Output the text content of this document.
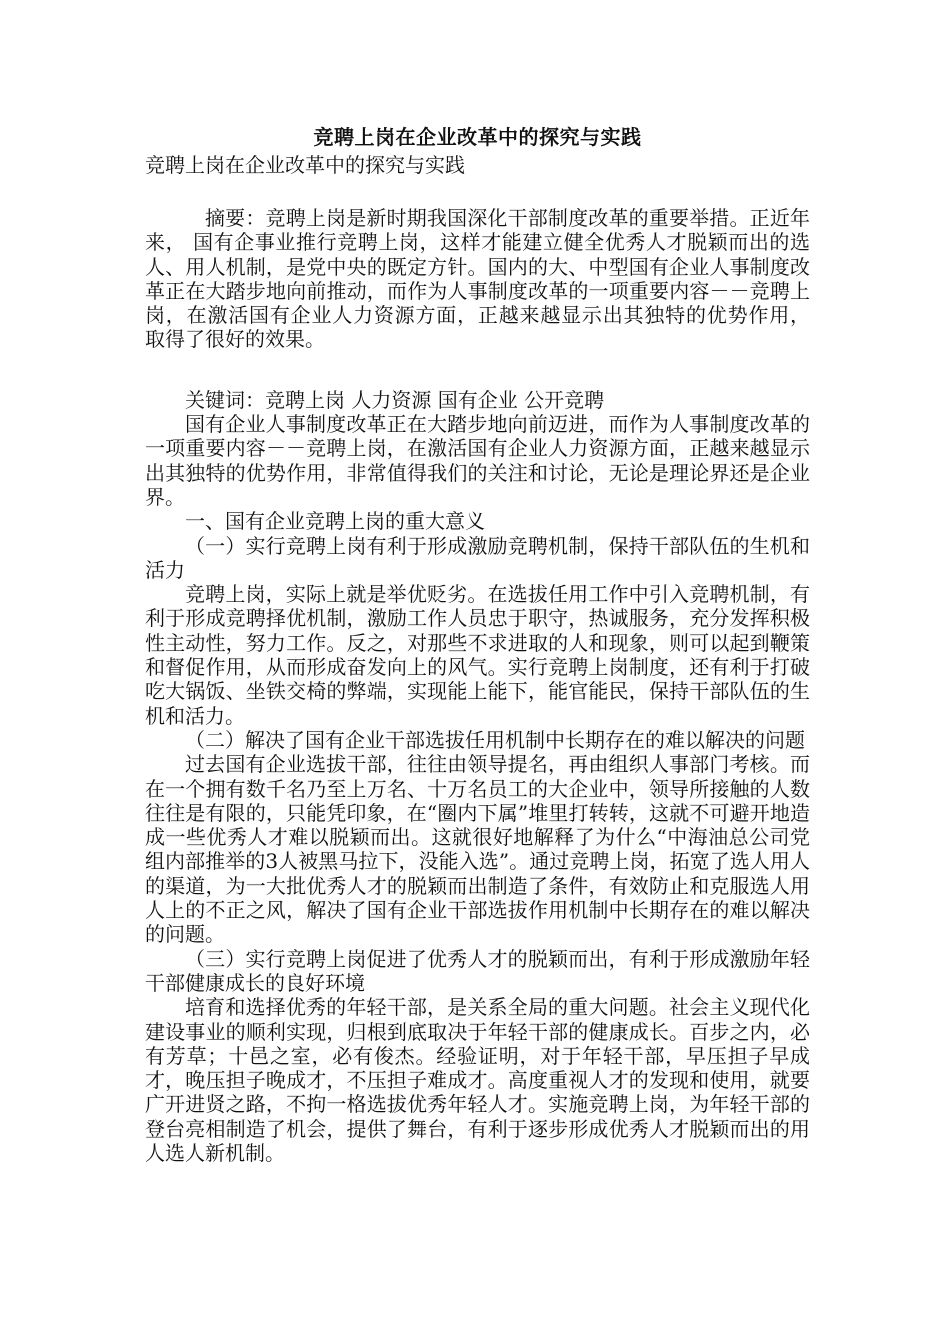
竞聘上岗在企业改革中的探究与实践
竞聘上岗在企业改革中的探究与实践

摘要：竞聘上岗是新时期我国深化干部制度改革的重要举措。正近年来， 国有企事业推行竞聘上岗，这样才能建立健全优秀人才脱颖而出的选人、用人机制，是党中央的既定方针。国内的大、中型国有企业人事制度改革正在大踏步地向前推动，而作为人事制度改革的一项重要内容－－竞聘上岗，在激活国有企业人力资源方面，正越来越显示出其独特的优势作用， 取得了很好的效果。

关键词：竞聘上岗 人力资源 国有企业 公开竞聘

国有企业人事制度改革正在大踏步地向前迈进，而作为人事制度改革的一项重要内容－－竞聘上岗，在激活国有企业人力资源方面，正越来越显示出其独特的优势作用，非常值得我们的关注和讨论，无论是理论界还是企业界。

一、国有企业竞聘上岗的重大意义

（一）实行竞聘上岗有利于形成激励竞聘机制，保持干部队伍的生机和活力

竞聘上岗，实际上就是举优贬劣。在选拔任用工作中引入竞聘机制，有利于形成竞聘择优机制，激励工作人员忠于职守，热诚服务，充分发挥积极性主动性，努力工作。反之，对那些不求进取的人和现象，则可以起到鞭策和督促作用，从而形成奋发向上的风气。实行竞聘上岗制度，还有利于打破吃大锅饭、坐铁交椅的弊端，实现能上能下，能官能民，保持干部队伍的生机和活力。

（二）解决了国有企业干部选拔任用机制中长期存在的难以解决的问题

过去国有企业选拔干部，往往由领导提名，再由组织人事部门考核。而在一个拥有数千名乃至上万名、十万名员工的大企业中，领导所接触的人数往往是有限的，只能凭印象，在“圈内下属”堆里打转转，这就不可避开地造成一些优秀人才难以脱颖而出。这就很好地解释了为什么“中海油总公司党组内部推举的3人被黑马拉下，没能入选”。通过竞聘上岗，拓宽了选人用人的渠道，为一大批优秀人才的脱颖而出制造了条件，有效防止和克服选人用人上的不正之风，解决了国有企业干部选拔作用机制中长期存在的难以解决的问题。

（三）实行竞聘上岗促进了优秀人才的脱颖而出，有利于形成激励年轻干部健康成长的良好环境

培育和选择优秀的年轻干部，是关系全局的重大问题。社会主义现代化建设事业的顺利实现，归根到底取决于年轻干部的健康成长。百步之内，必有芳草；十邑之室，必有俊杰。经验证明，对于年轻干部，早压担子早成才，晚压担子晚成才，不压担子难成才。高度重视人才的发现和使用，就要广开进贤之路，不拘一格选拔优秀年轻人才。实施竞聘上岗，为年轻干部的登台亮相制造了机会，提供了舞台，有利于逐步形成优秀人才脱颖而出的用人选人新机制。
